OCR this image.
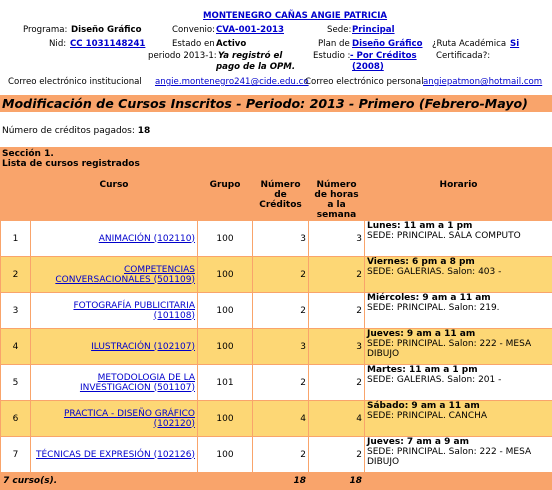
MONTENEGRO CAÑAS ANGIE PATRICIA
Programa: Diseño Gráfico
Nid: CC 1031148241
Convenio: CVA-001-2013
Estado en Activo
periodo 2013-1: Ya registró el
pago de la OPM.
Sede: Principal
Plan de Diseño Gráfico
Estudio : - Por Créditos
(2008)
¿Ruta Académica Si
Certificada?:
Correo electrónico institucional angie.montenegro241@cide.edu.co
Correo electrónico personal angiepatmon@hotmail.com
Modificación de Cursos Inscritos - Periodo: 2013 - Primero (Febrero-Mayo)
Número de créditos pagados: 18
Sección 1.
Lista de cursos registrados
	Curso	Grupo	Número de Créditos	Número de horas a la semana	Horario
1	ANIMACIÓN (102110)	100	3	3	Lunes: 11 am a 1 pm
SEDE: PRINCIPAL. SALA COMPUTO
2	COMPETENCIAS CONVERSACIONALES (501109)	100	2	2	Viernes: 6 pm a 8 pm
SEDE: GALERIAS. Salon: 403 -
3	FOTOGRAFÍA PUBLICITARIA (101108)	100	2	2	Miércoles: 9 am a 11 am
SEDE: PRINCIPAL. Salon: 219.
4	ILUSTRACIÓN (102107)	100	3	3	Jueves: 9 am a 11 am
SEDE: PRINCIPAL. Salon: 222 - MESA DIBUJO
5	METODOLOGIA DE LA INVESTIGACION (501107)	101	2	2	Martes: 11 am a 1 pm
SEDE: GALERIAS. Salon: 201 -
6	PRACTICA - DISEÑO GRÁFICO (102120)	100	4	4	Sábado: 9 am a 11 am
SEDE: PRINCIPAL. CANCHA
7	TÉCNICAS DE EXPRESIÓN (102126)	100	2	2	Jueves: 7 am a 9 am
SEDE: PRINCIPAL. Salon: 222 - MESA DIBUJO
7 curso(s).			18	18	
